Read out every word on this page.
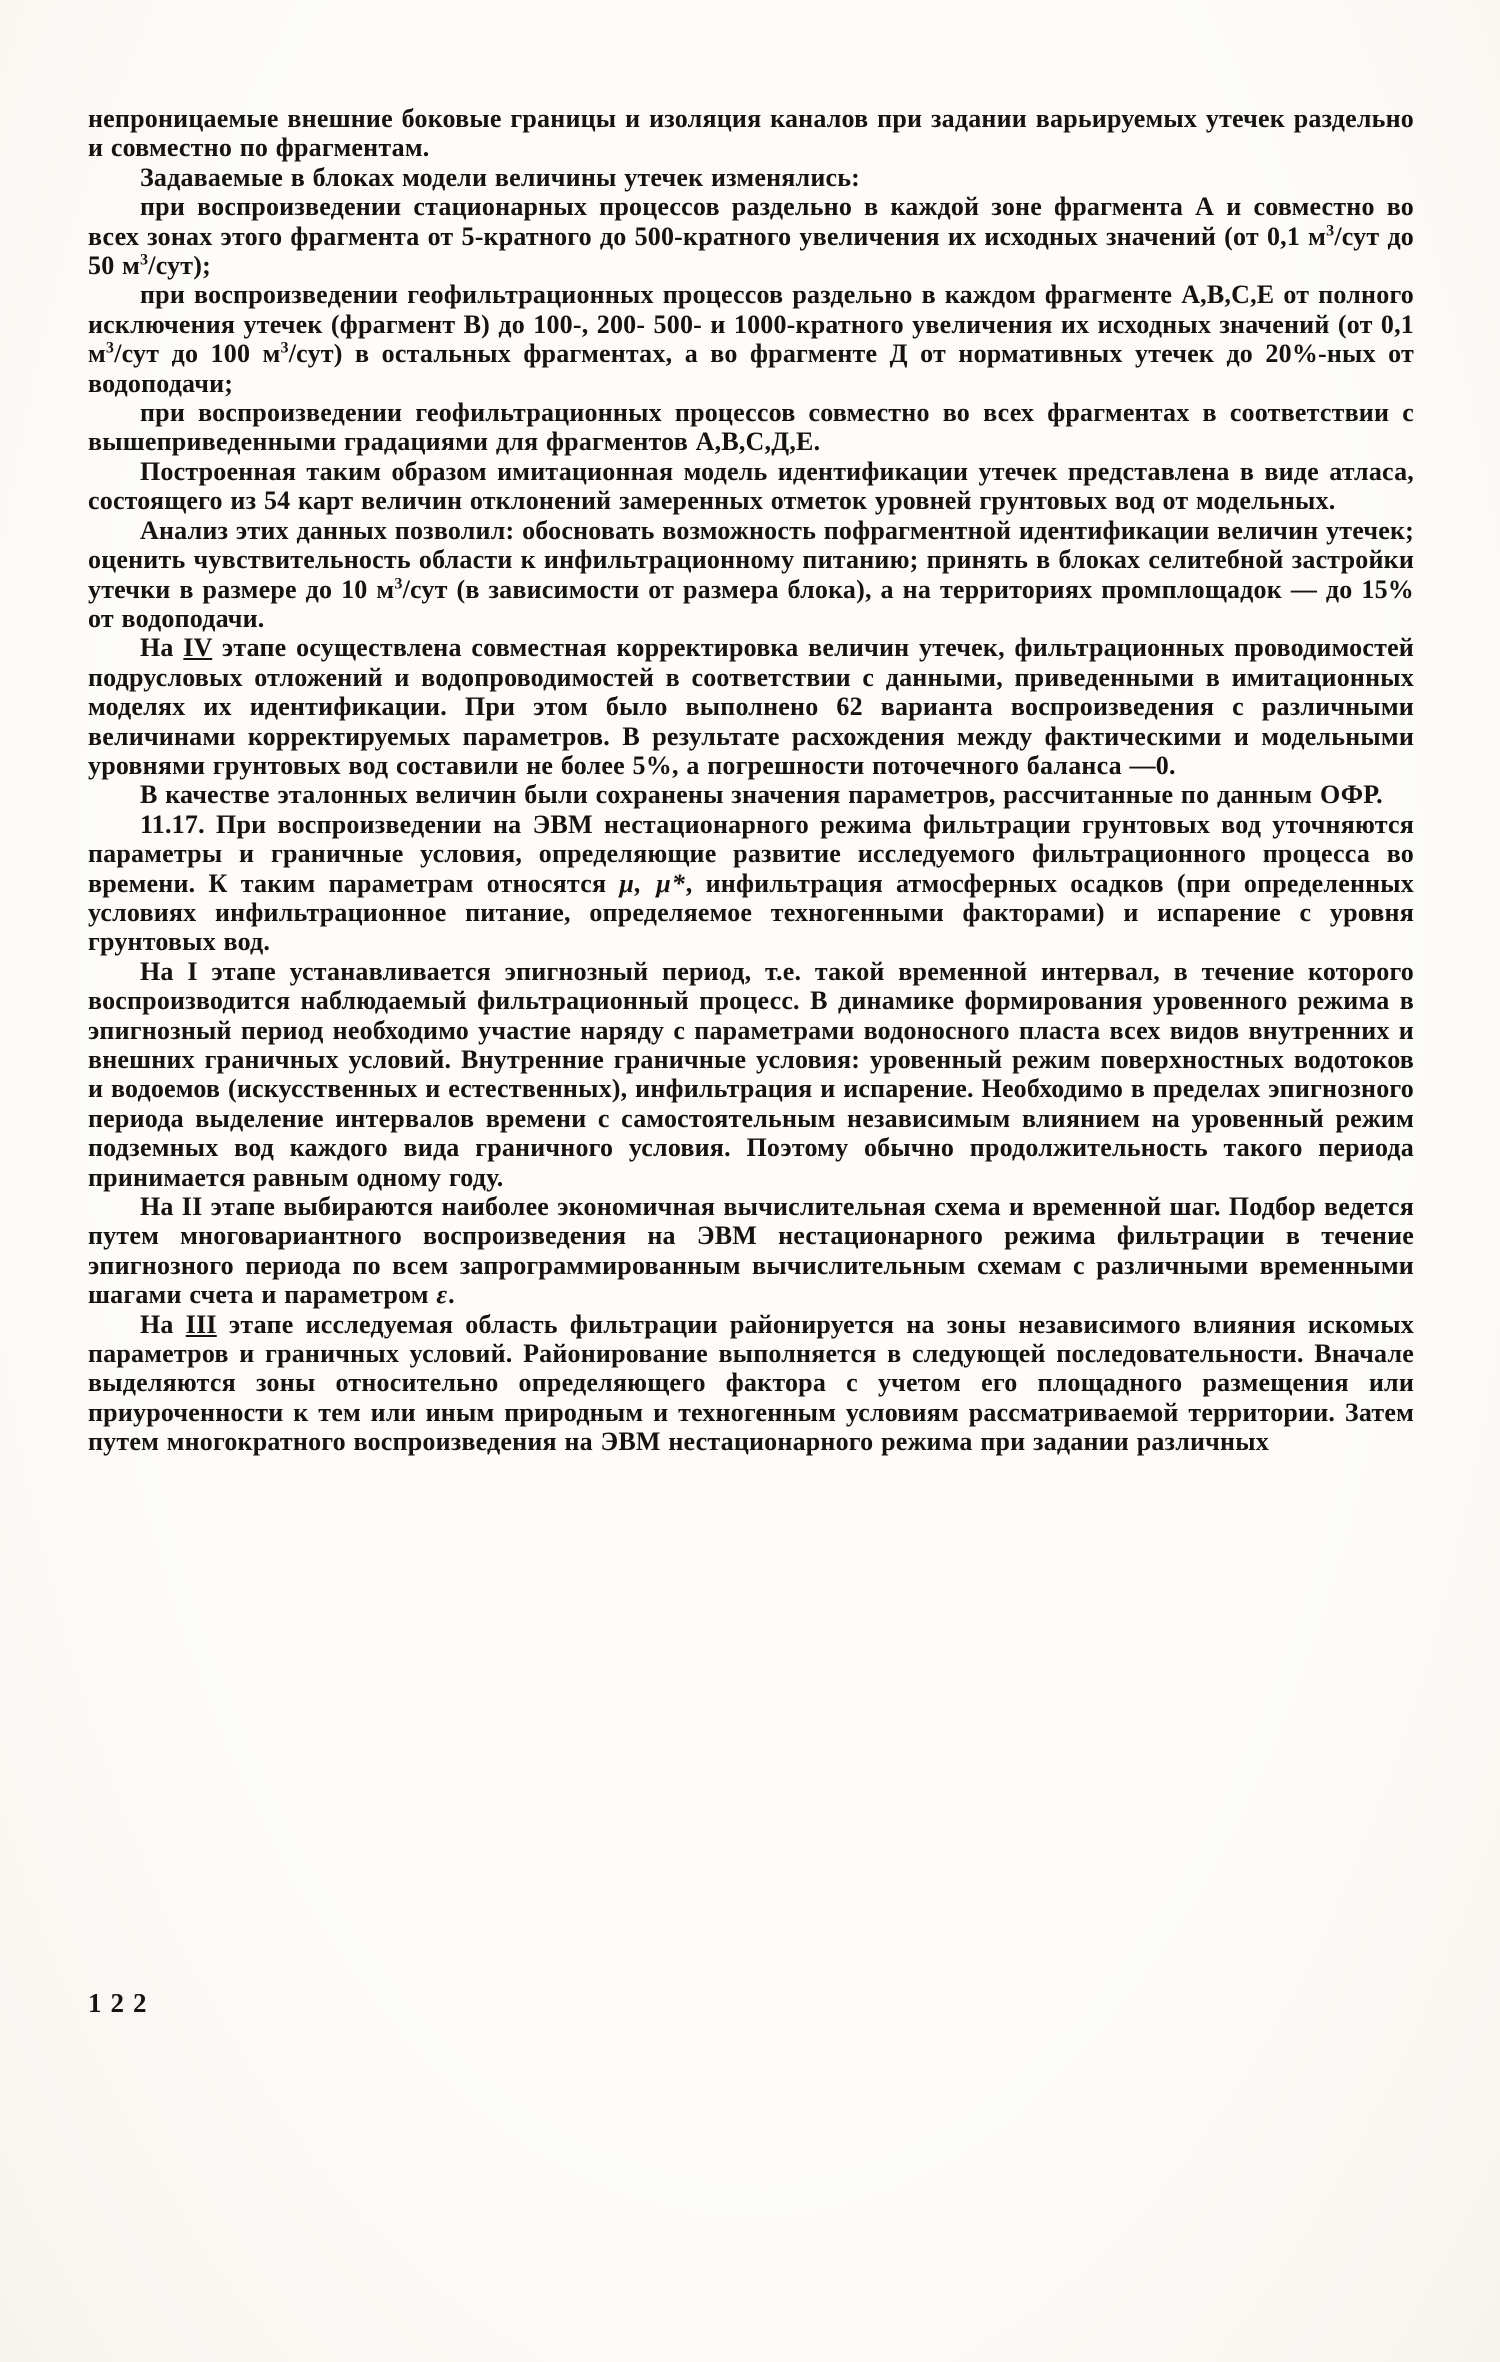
непроницаемые внешние боковые границы и изоляция каналов при задании варьируемых утечек раздельно и совместно по фрагментам.

Задаваемые в блоках модели величины утечек изменялись:

при воспроизведении стационарных процессов раздельно в каждой зоне фрагмента А и совместно во всех зонах этого фрагмента от 5-кратного до 500-кратного увеличения их исходных значений (от 0,1 $м^3$/сут до 50 $м^3/сут$);

при воспроизведении геофильтрационных процессов раздельно в каждом фрагменте А,В,С,Е от полного исключения утечек (фрагмент В) до 100-, 200- 500- и 1000-кратного увеличения их исходных значений (от 0,1 $м^3$/сут до 100 $м^3/сут$) в остальных фрагментах, а во фрагменте Д от нормативных утечек до 20%-ных от водоподачи;

при воспроизведении геофильтрационных процессов совместно во всех фрагментах в соответствии с вышеприведенными градациями для фрагментов А,В,С,Д,Е.

Построенная таким образом имитационная модель идентификации утечек представлена в виде атласа, состоящего из 54 карт величин отклонений замеренных отметок уровней грунтовых вод от модельных.

Анализ этих данных позволил: обосновать возможность пофрагментной идентификации величин утечек; оценить чувствительность области к инфильтрационному питанию; принять в блоках селитебной застройки утечки в размере до 10 $м^3$/сут (в зависимости от размера блока), а на территориях промплощадок — до 15% от водоподачи.

На IV этапе осуществлена совместная корректировка величин утечек, фильтрационных проводимостей подрусловых отложений и водопроводимостей в соответствии с данными, приведенными в имитационных моделях их идентификации. При этом было выполнено 62 варианта воспроизведения с различными величинами корректируемых параметров. В результате расхождения между фактическими и модельными уровнями грунтовых вод составили не более 5%, а погрешности поточечного баланса —0.

В качестве эталонных величин были сохранены значения параметров, рассчитанные по данным ОФР.

11.17. При воспроизведении на ЭВМ нестационарного режима фильтрации грунтовых вод уточняются параметры и граничные условия, определяющие развитие исследуемого фильтрационного процесса во времени. К таким параметрам относятся μ, μ*, инфильтрация атмосферных осадков (при определенных условиях инфильтрационное питание, определяемое техногенными факторами) и испарение с уровня грунтовых вод.

На I этапе устанавливается эпигнозный период, т.е. такой временной интервал, в течение которого воспроизводится наблюдаемый фильтрационный процесс. В динамике формирования уровенного режима в эпигнозный период необходимо участие наряду с параметрами водоносного пласта всех видов внутренних и внешних граничных условий. Внутренние граничные условия: уровенный режим поверхностных водотоков и водоемов (искусственных и естественных), инфильтрация и испарение. Необходимо в пределах эпигнозного периода выделение интервалов времени с самостоятельным независимым влиянием на уровенный режим подземных вод каждого вида граничного условия. Поэтому обычно продолжительность такого периода принимается равным одному году.

На II этапе выбираются наиболее экономичная вычислительная схема и временной шаг. Подбор ведется путем многовариантного воспроизведения на ЭВМ нестационарного режима фильтрации в течение эпигнозного периода по всем запрограммированным вычислительным схемам с различными временными шагами счета и параметром ε.

На III этапе исследуемая область фильтрации районируется на зоны независимого влияния искомых параметров и граничных условий. Районирование выполняется в следующей последовательности. Вначале выделяются зоны относительно определяющего фактора с учетом его площадного размещения или приуроченности к тем или иным природным и техногенным условиям рассматриваемой территории. Затем путем многократного воспроизведения на ЭВМ нестационарного режима при задании различных

122
